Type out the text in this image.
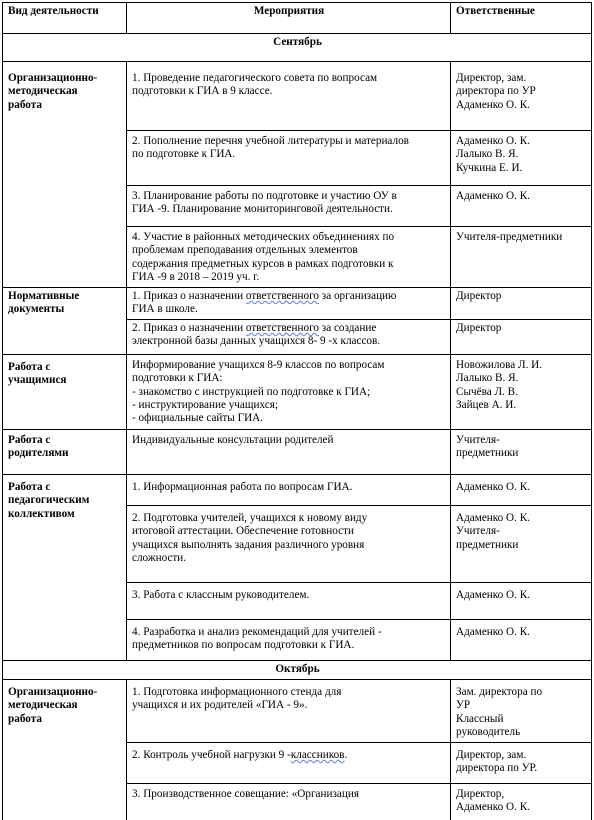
Вид деятельности	Мероприятия	Ответственные
Сентябрь		

Организационно-
методическая
работа	1. Проведение педагогического совета по вопросам
подготовки к ГИА в 9 классе.	Директор, зам.
директора по УР
Адаменко О. К.

	2. Пополнение перечня учебной литературы и материалов
по подготовке к ГИА.	Адаменко О. К.
Лалыко В. Я.
Кучкина Е. И.

	3. Планирование работы по подготовке и участию ОУ в
ГИА -9. Планирование мониторинговой деятельности.	Адаменко О. К.

	4. Участие в районных методических объединениях по
проблемам преподавания отдельных элементов
содержания предметных курсов в рамках подготовки к
ГИА -9 в 2018 – 2019 уч. г.	Учителя-предметники

Нормативные
документы	1. Приказ о назначении ответственного за организацию
ГИА в школе.	Директор

	2. Приказ о назначении ответственного за создание
электронной базы данных учащихся 8- 9 -х классов.	Директор

Работа с
учащимися	Информирование учащихся 8-9 классов по вопросам
подготовки к ГИА:
- знакомство с инструкцией по подготовке к ГИА;
- инструктирование учащихся;
- официальные сайты ГИА.	Новожилова Л. И.
Лалыко В. Я.
Сычёва Л. В.
Зайцев А. И.

Работа с
родителями	Индивидуальные консультации родителей	Учителя-
предметники

Работа с
педагогическим
коллективом	1. Информационная работа по вопросам ГИА.	Адаменко О. К.

	2. Подготовка учителей, учащихся к новому виду
итоговой аттестации. Обеспечение готовности
учащихся выполнять задания различного уровня
сложности.	Адаменко О. К.
Учителя-
предметники

	3. Работа с классным руководителем.	Адаменко О. К.

	4. Разработка и анализ рекомендаций для учителей -
предметников по вопросам подготовки к ГИА.	Адаменко О. К.

Октябрь		

Организационно-
методическая
работа	1. Подготовка информационного стенда для
учащихся и их родителей «ГИА - 9».	Зам. директора по
УР
Классный
руководитель

	2. Контроль учебной нагрузки 9 -классников.	Директор, зам.
директора по УР.

	3. Производственное совещание: «Организация	Директор,
Адаменко О. К.
